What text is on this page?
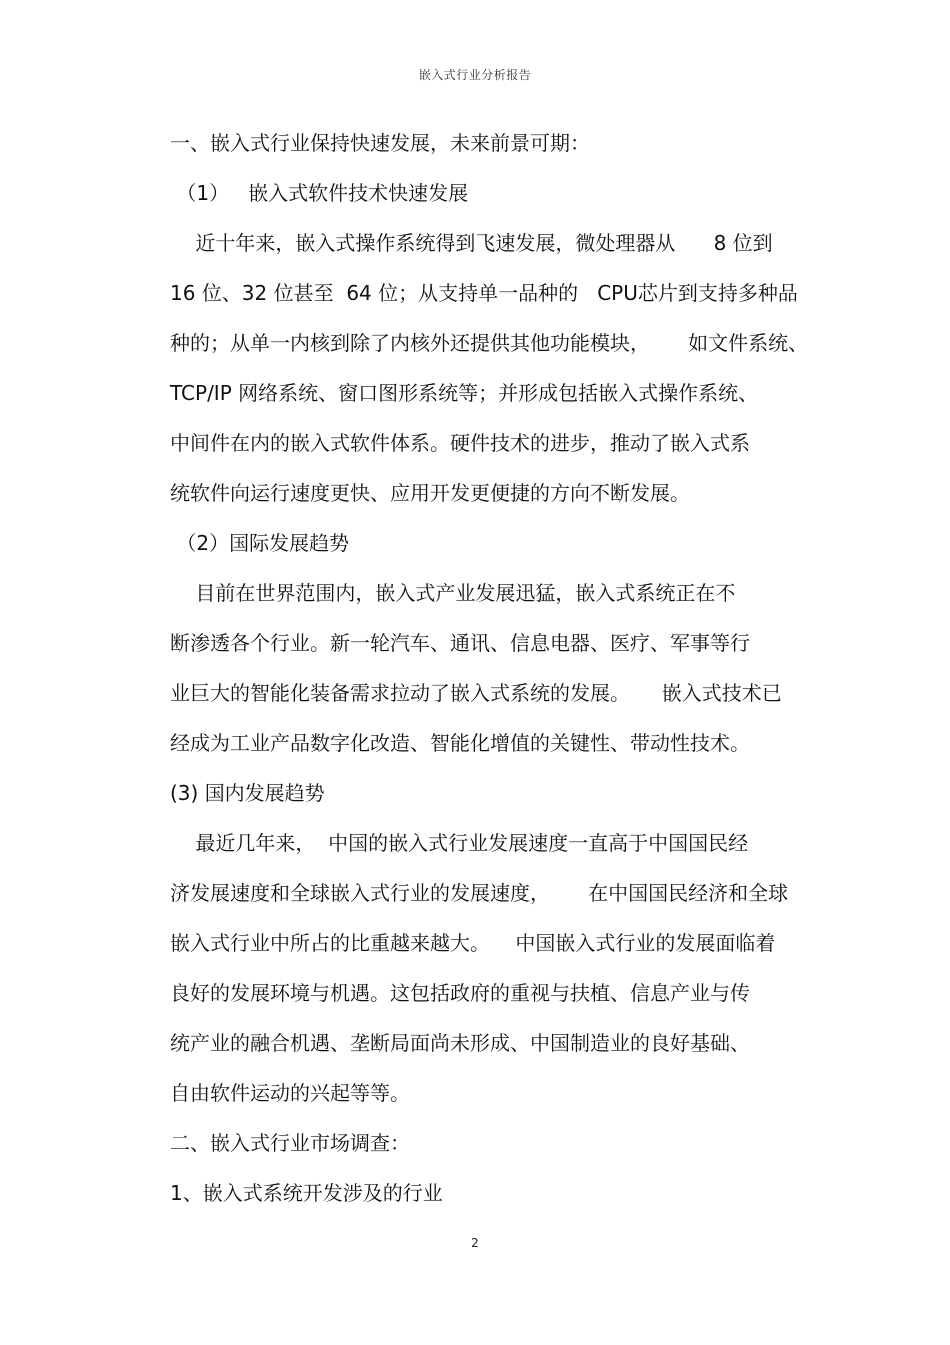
嵌入式行业分析报告
一、嵌入式行业保持快速发展，未来前景可期：
（1）   嵌入式软件技术快速发展
近十年来，嵌入式操作系统得到飞速发展，微处理器从      8 位到
16 位、32 位甚至  64 位；从支持单一品种的   CPU芯片到支持多种品
种的；从单一内核到除了内核外还提供其他功能模块，      如文件系统、
TCP/IP 网络系统、窗口图形系统等；并形成包括嵌入式操作系统、
中间件在内的嵌入式软件体系。硬件技术的进步，推动了嵌入式系
统软件向运行速度更快、应用开发更便捷的方向不断发展。
（2）国际发展趋势
目前在世界范围内，嵌入式产业发展迅猛，嵌入式系统正在不
断渗透各个行业。新一轮汽车、通讯、信息电器、医疗、军事等行
业巨大的智能化装备需求拉动了嵌入式系统的发展。     嵌入式技术已
经成为工业产品数字化改造、智能化增值的关键性、带动性技术。
(3) 国内发展趋势
最近几年来，  中国的嵌入式行业发展速度一直高于中国国民经
济发展速度和全球嵌入式行业的发展速度，      在中国国民经济和全球
嵌入式行业中所占的比重越来越大。    中国嵌入式行业的发展面临着
良好的发展环境与机遇。这包括政府的重视与扶植、信息产业与传
统产业的融合机遇、垄断局面尚未形成、中国制造业的良好基础、
自由软件运动的兴起等等。
二、嵌入式行业市场调查：
1、嵌入式系统开发涉及的行业
2
